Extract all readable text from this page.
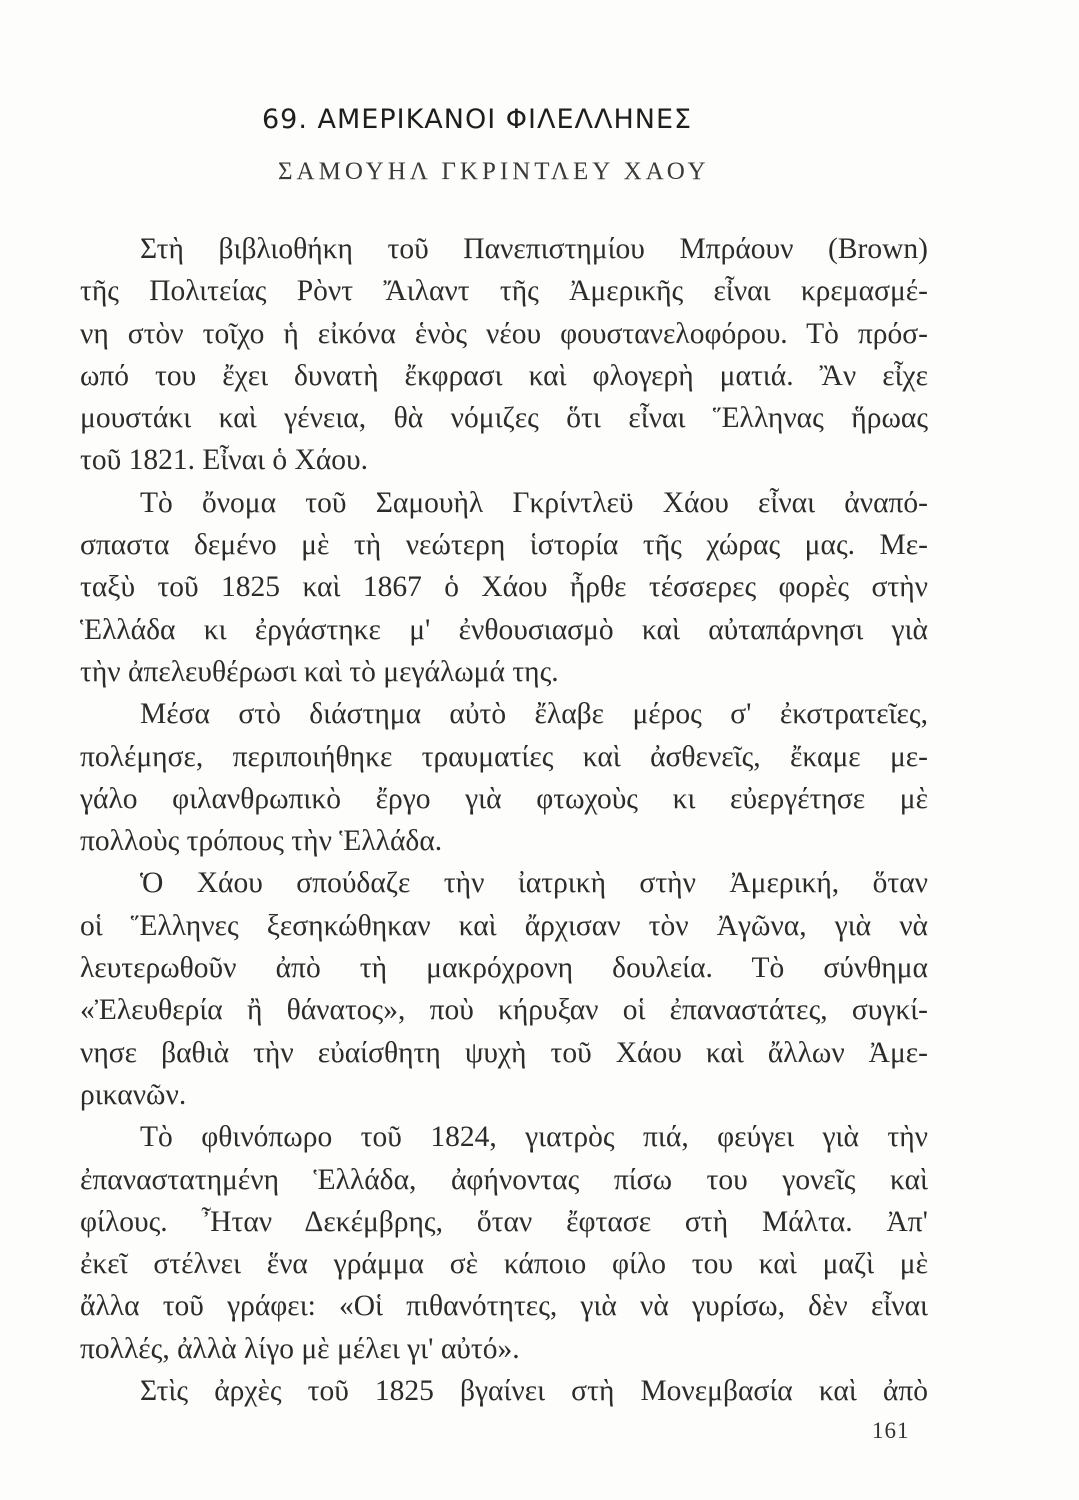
69. ΑΜΕΡΙΚΑΝΟΙ ΦΙΛΕΛΛΗΝΕΣ
ΣΑΜΟΥΗΛ ΓΚΡΙΝΤΛΕΥ ΧΑΟΥ
Στὴ βιβλιοθήκη τοῦ Πανεπιστημίου Μπράουν (Brown)
τῆς Πολιτείας Ρὸντ Ἄιλαντ τῆς Ἀμερικῆς εἶναι κρεμασμέ-
νη στὸν τοῖχο ἡ εἰκόνα ἑνὸς νέου φουστανελοφόρου. Τὸ πρόσ-
ωπό του ἔχει δυνατὴ ἔκφρασι καὶ φλογερὴ ματιά. Ἂν εἶχε
μουστάκι καὶ γένεια, θὰ νόμιζες ὅτι εἶναι Ἕλληνας ἥρωας
τοῦ 1821. Εἶναι ὁ Χάου.
Τὸ ὄνομα τοῦ Σαμουὴλ Γκρίντλεϋ Χάου εἶναι ἀναπό-
σπαστα δεμένο μὲ τὴ νεώτερη ἱστορία τῆς χώρας μας. Με-
ταξὺ τοῦ 1825 καὶ 1867 ὁ Χάου ἦρθε τέσσερες φορὲς στὴν
Ἑλλάδα κι ἐργάστηκε μ' ἐνθουσιασμὸ καὶ αὐταπάρνησι γιὰ
τὴν ἀπελευθέρωσι καὶ τὸ μεγάλωμά της.
Μέσα στὸ διάστημα αὐτὸ ἔλαβε μέρος σ' ἐκστρατεῖες,
πολέμησε, περιποιήθηκε τραυματίες καὶ ἀσθενεῖς, ἔκαμε με-
γάλο φιλανθρωπικὸ ἔργο γιὰ φτωχοὺς κι εὐεργέτησε μὲ
πολλοὺς τρόπους τὴν Ἑλλάδα.
Ὁ Χάου σπούδαζε τὴν ἰατρικὴ στὴν Ἀμερική, ὅταν
οἱ Ἕλληνες ξεσηκώθηκαν καὶ ἄρχισαν τὸν Ἀγῶνα, γιὰ νὰ
λευτερωθοῦν ἀπὸ τὴ μακρόχρονη δουλεία. Τὸ σύνθημα
«Ἐλευθερία ἢ θάνατος», ποὺ κήρυξαν οἱ ἐπαναστάτες, συγκί-
νησε βαθιὰ τὴν εὐαίσθητη ψυχὴ τοῦ Χάου καὶ ἄλλων Ἀμε-
ρικανῶν.
Τὸ φθινόπωρο τοῦ 1824, γιατρὸς πιά, φεύγει γιὰ τὴν
ἐπαναστατημένη Ἑλλάδα, ἀφήνοντας πίσω του γονεῖς καὶ
φίλους. Ἦταν Δεκέμβρης, ὅταν ἔφτασε στὴ Μάλτα. Ἀπ'
ἐκεῖ στέλνει ἕνα γράμμα σὲ κάποιο φίλο του καὶ μαζὶ μὲ
ἄλλα τοῦ γράφει: «Οἱ πιθανότητες, γιὰ νὰ γυρίσω, δὲν εἶναι
πολλές, ἀλλὰ λίγο μὲ μέλει γι' αὐτό».
Στὶς ἀρχὲς τοῦ 1825 βγαίνει στὴ Μονεμβασία καὶ ἀπὸ
161
